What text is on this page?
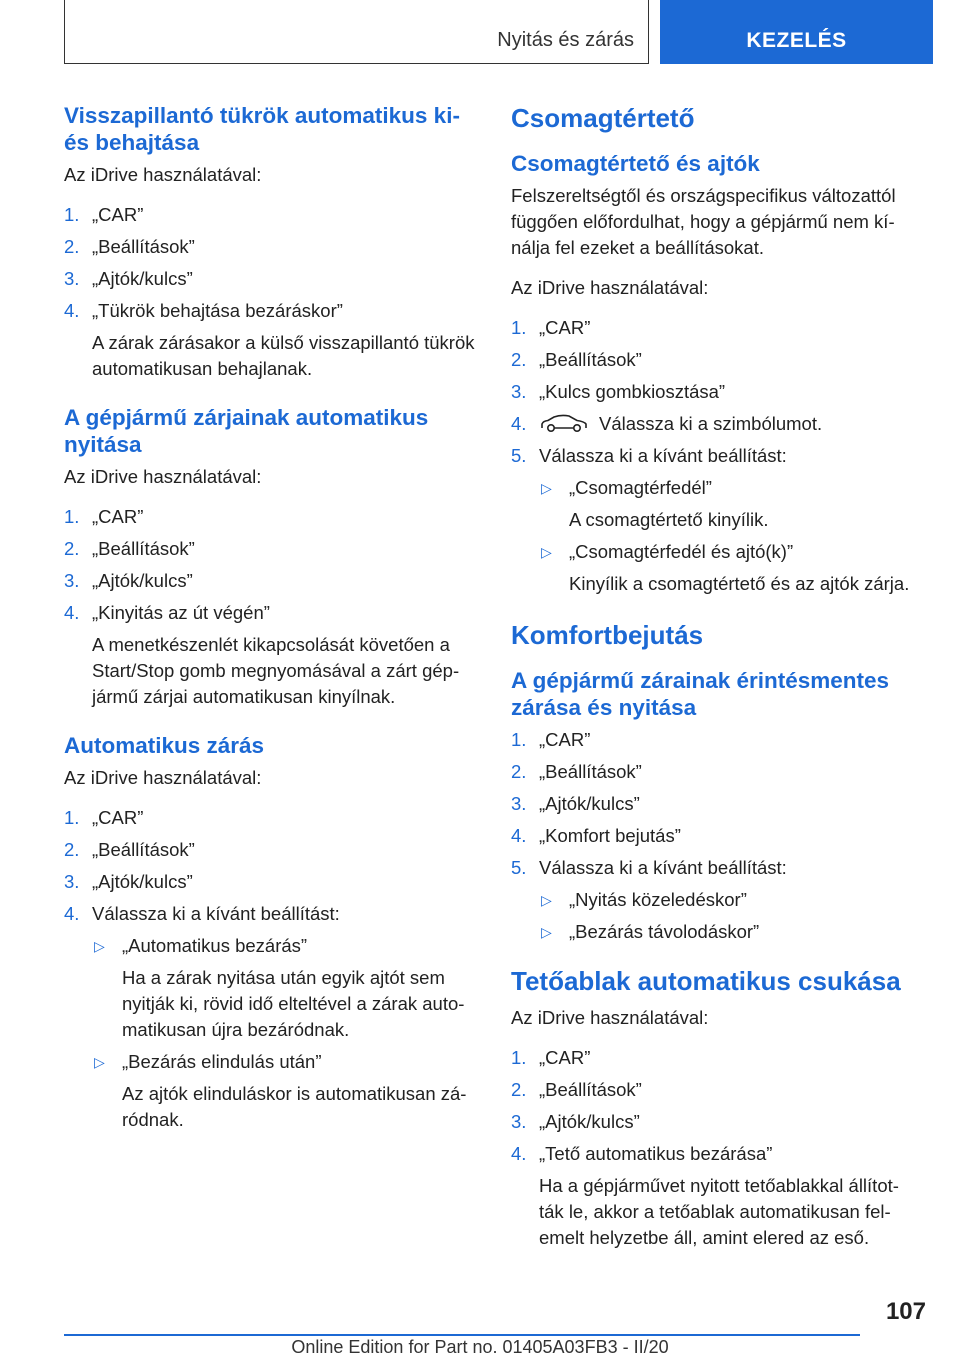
Nyitás és zárás	KEZELÉS
Visszapillantó tükrök automatikus ki- és behajtása

Az iDrive használatával:

1. „CAR”
2. „Beállítások”
3. „Ajtók/kulcs”
4. „Tükrök behajtása bezáráskor”
A zárak zárásakor a külső visszapillantó tükrök automatikusan behajlanak.
A gépjármű zárjainak automatikus nyitása

Az iDrive használatával:

1. „CAR”
2. „Beállítások”
3. „Ajtók/kulcs”
4. „Kinyitás az út végén”
A menetkészenlét kikapcsolását követően a Start/Stop gomb megnyomásával a zárt gép-jármű zárjai automatikusan kinyílnak.
Automatikus zárás

Az iDrive használatával:

1. „CAR”
2. „Beállítások”
3. „Ajtók/kulcs”
4. Válassza ki a kívánt beállítást:
▷ „Automatikus bezárás”
Ha a zárak nyitása után egyik ajtót sem nyitják ki, rövid idő elteltével a zárak auto-matikusan újra bezáródnak.
▷ „Bezárás elindulás után”
Az ajtók elinduláskor is automatikusan zá-ródnak.
Csomagtértető
Csomagtértető és ajtók

Felszereltségtől és országspecifikus változattól függően előfordulhat, hogy a gépjármű nem kí-nálja fel ezeket a beállításokat.

Az iDrive használatával:

1. „CAR”
2. „Beállítások”
3. „Kulcs gombkiosztása”
4.	Válassza ki a szimbólumot.
5. Válassza ki a kívánt beállítást:
▷ „Csomagtérfedél”
A csomagtértető kinyílik.
▷ „Csomagtérfedél és ajtó(k)”
Kinyílik a csomagtértető és az ajtók zárja.
Komfortbejutás
A gépjármű zárainak érintésmentes zárása és nyitása
1. „CAR”
2. „Beállítások”
3. „Ajtók/kulcs”
4. „Komfort bejutás”
5. Válassza ki a kívánt beállítást:
▷ „Nyitás közeledéskor”
▷ „Bezárás távolodáskor”
Tetőablak automatikus csukása

Az iDrive használatával:

1. „CAR”
2. „Beállítások”
3. „Ajtók/kulcs”
4. „Tető automatikus bezárása”
Ha a gépjárművet nyitott tetőablakkal állítot-ták le, akkor a tetőablak automatikusan fel-emelt helyzetbe áll, amint elered az eső.
107
Online Edition for Part no. 01405A03FB3 - II/20
